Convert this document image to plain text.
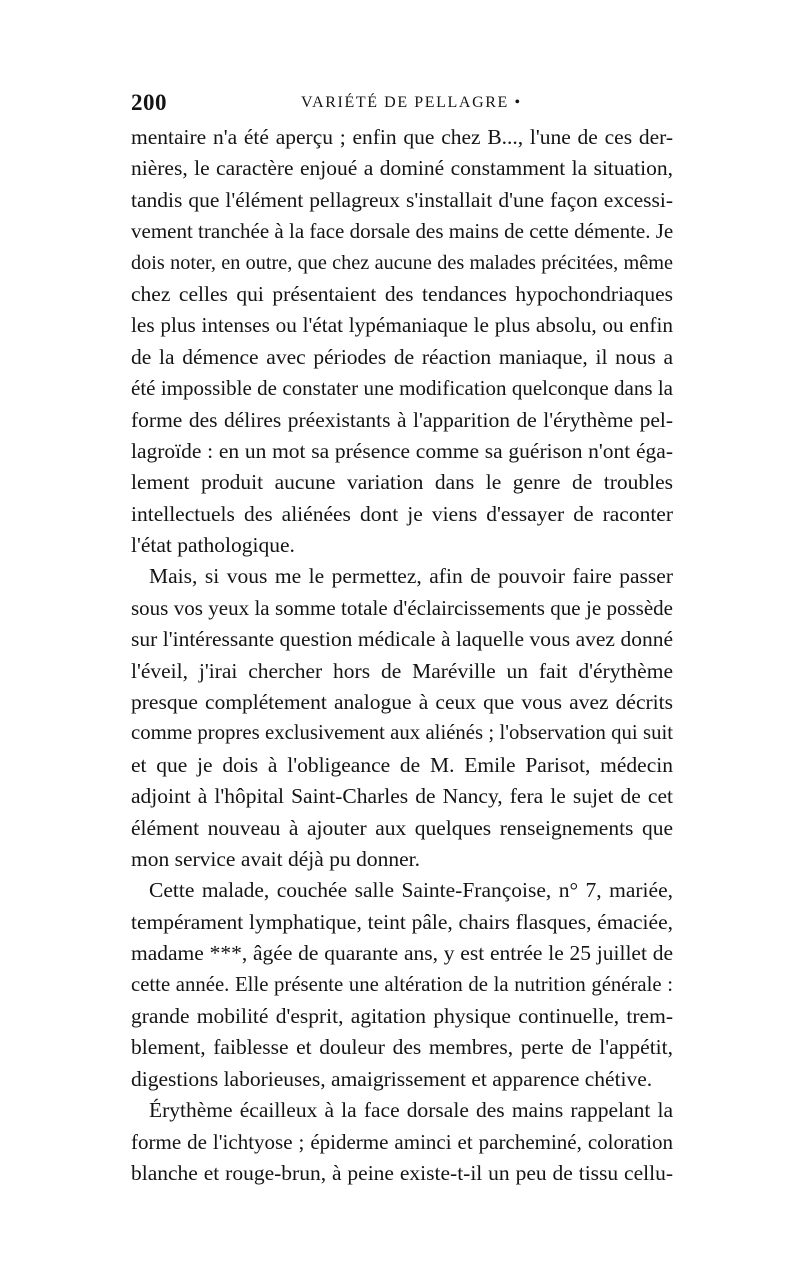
200	VARIÉTÉ DE PELLAGRE •
mentaire n'a été aperçu ; enfin que chez B..., l'une de ces der-
nières, le caractère enjoué a dominé constamment la situation,
tandis que l'élément pellagreux s'installait d'une façon excessi-
vement tranchée à la face dorsale des mains de cette démente. Je
dois noter, en outre, que chez aucune des malades précitées, même
chez celles qui présentaient des tendances hypochondriaques
les plus intenses ou l'état lypémaniaque le plus absolu, ou enfin
de la démence avec périodes de réaction maniaque, il nous a
été impossible de constater une modification quelconque dans la
forme des délires préexistants à l'apparition de l'érythème pel-
lagroïde : en un mot sa présence comme sa guérison n'ont éga-
lement produit aucune variation dans le genre de troubles
intellectuels des aliénées dont je viens d'essayer de raconter
l'état pathologique.
Mais, si vous me le permettez, afin de pouvoir faire passer
sous vos yeux la somme totale d'éclaircissements que je possède
sur l'intéressante question médicale à laquelle vous avez donné
l'éveil, j'irai chercher hors de Maréville un fait d'érythème
presque complétement analogue à ceux que vous avez décrits
comme propres exclusivement aux aliénés ; l'observation qui suit
et que je dois à l'obligeance de M. Emile Parisot, médecin
adjoint à l'hôpital Saint-Charles de Nancy, fera le sujet de cet
élément nouveau à ajouter aux quelques renseignements que
mon service avait déjà pu donner.
Cette malade, couchée salle Sainte-Françoise, n° 7, mariée,
tempérament lymphatique, teint pâle, chairs flasques, émaciée,
madame ***, âgée de quarante ans, y est entrée le 25 juillet de
cette année. Elle présente une altération de la nutrition générale :
grande mobilité d'esprit, agitation physique continuelle, trem-
blement, faiblesse et douleur des membres, perte de l'appétit,
digestions laborieuses, amaigrissement et apparence chétive.
Érythème écailleux à la face dorsale des mains rappelant la
forme de l'ichtyose ; épiderme aminci et parcheminé, coloration
blanche et rouge-brun, à peine existe-t-il un peu de tissu cellu-
